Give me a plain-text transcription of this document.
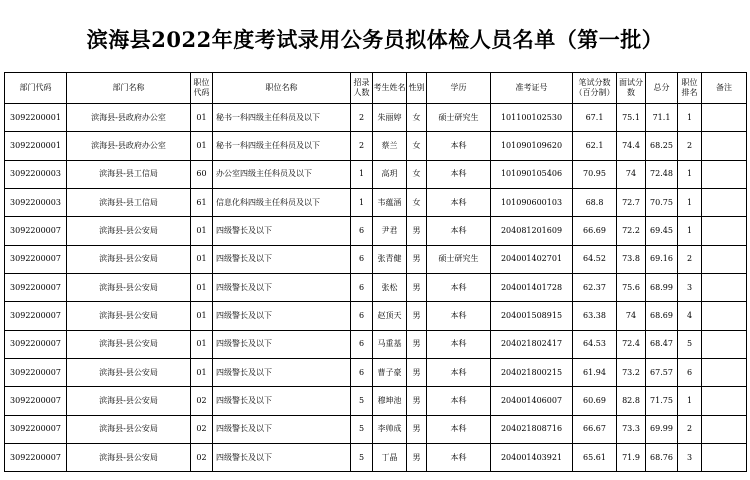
滨海县2022年度考试录用公务员拟体检人员名单（第一批）
部门代码	部门名称	职位代码	职位名称	招录人数	考生姓名	性别	学历	准考证号	笔试分数（百分制）	面试分数	总分	职位排名	备注
3092200001	滨海县-县政府办公室	01	秘书一科四级主任科员及以下	2	朱丽婷	女	硕士研究生	101100102530	67.1	75.1	71.1	1	
3092200001	滨海县-县政府办公室	01	秘书一科四级主任科员及以下	2	蔡兰	女	本科	101090109620	62.1	74.4	68.25	2	
3092200003	滨海县-县工信局	60	办公室四级主任科员及以下	1	高玥	女	本科	101090105406	70.95	74	72.48	1	
3092200003	滨海县-县工信局	61	信息化科四级主任科员及以下	1	韦蕴涵	女	本科	101090600103	68.8	72.7	70.75	1	
3092200007	滨海县-县公安局	01	四级警长及以下	6	尹君	男	本科	204081201609	66.69	72.2	69.45	1	
3092200007	滨海县-县公安局	01	四级警长及以下	6	张青健	男	硕士研究生	204001402701	64.52	73.8	69.16	2	
3092200007	滨海县-县公安局	01	四级警长及以下	6	张松	男	本科	204001401728	62.37	75.6	68.99	3	
3092200007	滨海县-县公安局	01	四级警长及以下	6	赵顶天	男	本科	204001508915	63.38	74	68.69	4	
3092200007	滨海县-县公安局	01	四级警长及以下	6	马重基	男	本科	204021802417	64.53	72.4	68.47	5	
3092200007	滨海县-县公安局	01	四级警长及以下	6	曹子豪	男	本科	204021800215	61.94	73.2	67.57	6	
3092200007	滨海县-县公安局	02	四级警长及以下	5	穆坤池	男	本科	204001406007	60.69	82.8	71.75	1	
3092200007	滨海县-县公安局	02	四级警长及以下	5	李帅成	男	本科	204021808716	66.67	73.3	69.99	2	
3092200007	滨海县-县公安局	02	四级警长及以下	5	丁晶	男	本科	204001403921	65.61	71.9	68.76	3	
